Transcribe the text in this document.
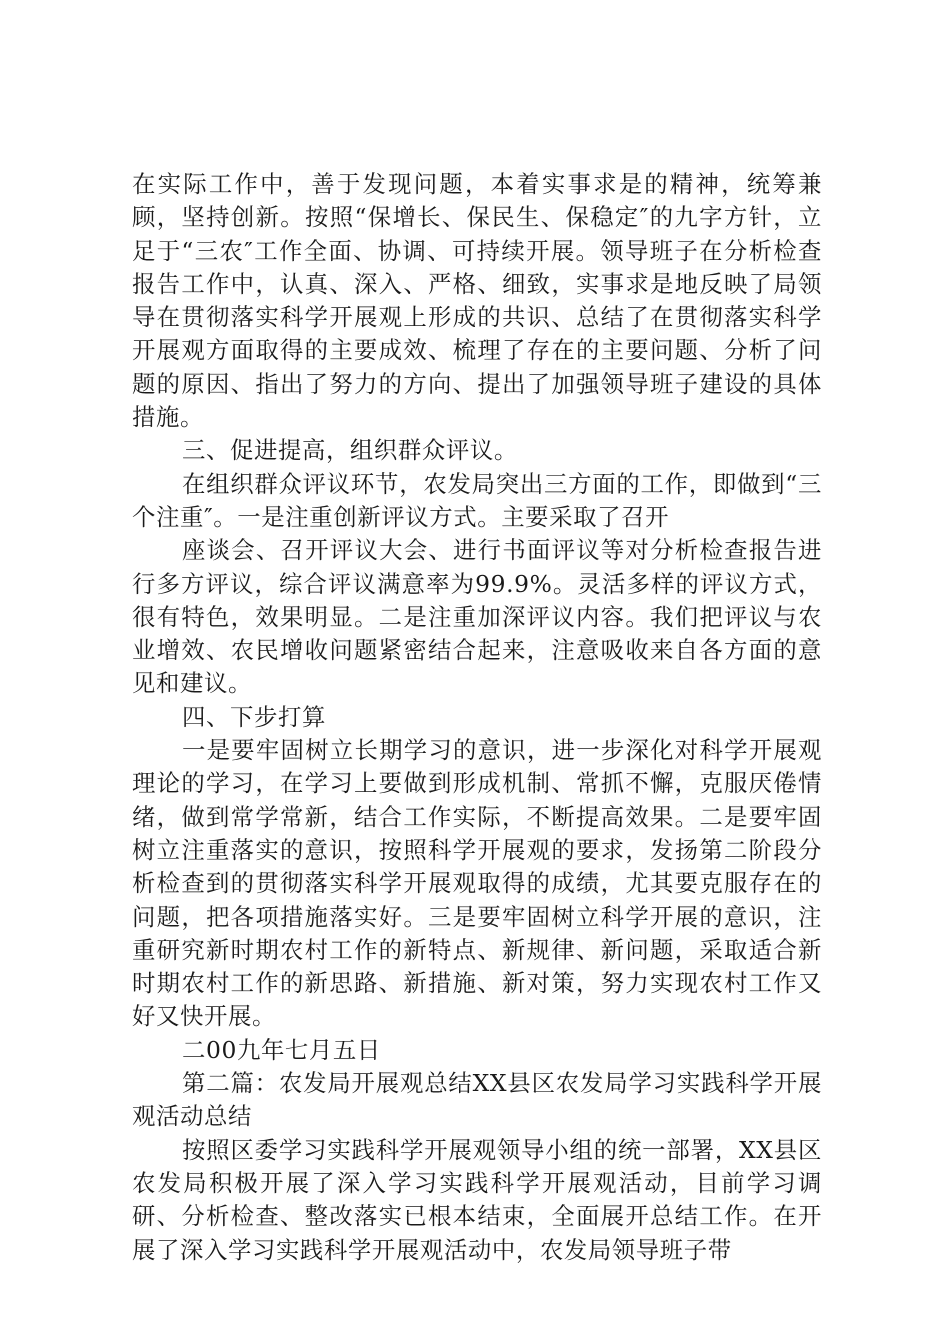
在实际工作中，善于发现问题，本着实事求是的精神，统筹兼顾，坚持创新。按照“保增长、保民生、保稳定″的九字方针，立足于“三农″工作全面、协调、可持续开展。领导班子在分析检查报告工作中，认真、深入、严格、细致，实事求是地反映了局领导在贯彻落实科学开展观上形成的共识、总结了在贯彻落实科学开展观方面取得的主要成效、梳理了存在的主要问题、分析了问题的原因、指出了努力的方向、提出了加强领导班子建设的具体措施。

三、促进提高，组织群众评议。

在组织群众评议环节，农发局突出三方面的工作，即做到“三个注重″。一是注重创新评议方式。主要采取了召开

座谈会、召开评议大会、进行书面评议等对分析检查报告进行多方评议，综合评议满意率为99.9%。灵活多样的评议方式，很有特色，效果明显。二是注重加深评议内容。我们把评议与农业增效、农民增收问题紧密结合起来，注意吸收来自各方面的意见和建议。

四、下步打算

一是要牢固树立长期学习的意识，进一步深化对科学开展观理论的学习，在学习上要做到形成机制、常抓不懈，克服厌倦情绪，做到常学常新，结合工作实际，不断提高效果。二是要牢固树立注重落实的意识，按照科学开展观的要求，发扬第二阶段分析检查到的贯彻落实科学开展观取得的成绩，尤其要克服存在的问题，把各项措施落实好。三是要牢固树立科学开展的意识，注重研究新时期农村工作的新特点、新规律、新问题，采取适合新时期农村工作的新思路、新措施、新对策，努力实现农村工作又好又快开展。

二00九年七月五日

第二篇：农发局开展观总结XX县区农发局学习实践科学开展观活动总结

按照区委学习实践科学开展观领导小组的统一部署，XX县区农发局积极开展了深入学习实践科学开展观活动，目前学习调研、分析检查、整改落实已根本结束，全面展开总结工作。在开展了深入学习实践科学开展观活动中，农发局领导班子带
